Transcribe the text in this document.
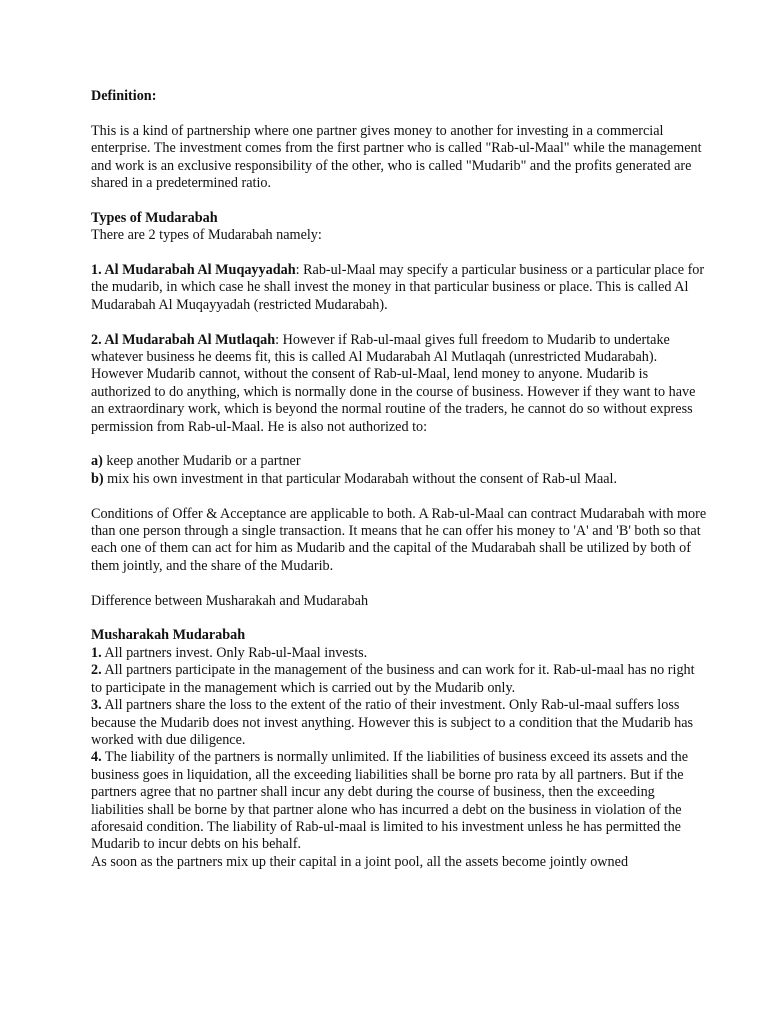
Definition:

This is a kind of partnership where one partner gives money to another for investing in a commercial enterprise. The investment comes from the first partner who is called "Rab-ul-Maal" while the management and work is an exclusive responsibility of the other, who is called "Mudarib" and the profits generated are shared in a predetermined ratio.

Types of Mudarabah

There are 2 types of Mudarabah namely:

1. Al Mudarabah Al Muqayyadah: Rab-ul-Maal may specify a particular business or a particular place for the mudarib, in which case he shall invest the money in that particular business or place. This is called Al Mudarabah Al Muqayyadah (restricted Mudarabah).

2. Al Mudarabah Al Mutlaqah: However if Rab-ul-maal gives full freedom to Mudarib to undertake whatever business he deems fit, this is called Al Mudarabah Al Mutlaqah (unrestricted Mudarabah). However Mudarib cannot, without the consent of Rab-ul-Maal, lend money to anyone. Mudarib is authorized to do anything, which is normally done in the course of business. However if they want to have an extraordinary work, which is beyond the normal routine of the traders, he cannot do so without express permission from Rab-ul-Maal. He is also not authorized to:

a) keep another Mudarib or a partner

b) mix his own investment in that particular Modarabah without the consent of Rab-ul Maal.

Conditions of Offer & Acceptance are applicable to both. A Rab-ul-Maal can contract Mudarabah with more than one person through a single transaction. It means that he can offer his money to 'A' and 'B' both so that each one of them can act for him as Mudarib and the capital of the Mudarabah shall be utilized by both of them jointly, and the share of the Mudarib.

Difference between Musharakah and Mudarabah

Musharakah Mudarabah

1. All partners invest. Only Rab-ul-Maal invests.

2. All partners participate in the management of the business and can work for it. Rab-ul-maal has no right to participate in the management which is carried out by the Mudarib only.

3. All partners share the loss to the extent of the ratio of their investment. Only Rab-ul-maal suffers loss because the Mudarib does not invest anything. However this is subject to a condition that the Mudarib has worked with due diligence.

4. The liability of the partners is normally unlimited. If the liabilities of business exceed its assets and the business goes in liquidation, all the exceeding liabilities shall be borne pro rata by all partners. But if the partners agree that no partner shall incur any debt during the course of business, then the exceeding liabilities shall be borne by that partner alone who has incurred a debt on the business in violation of the aforesaid condition. The liability of Rab-ul-maal is limited to his investment unless he has permitted the Mudarib to incur debts on his behalf.

As soon as the partners mix up their capital in a joint pool, all the assets become jointly owned
